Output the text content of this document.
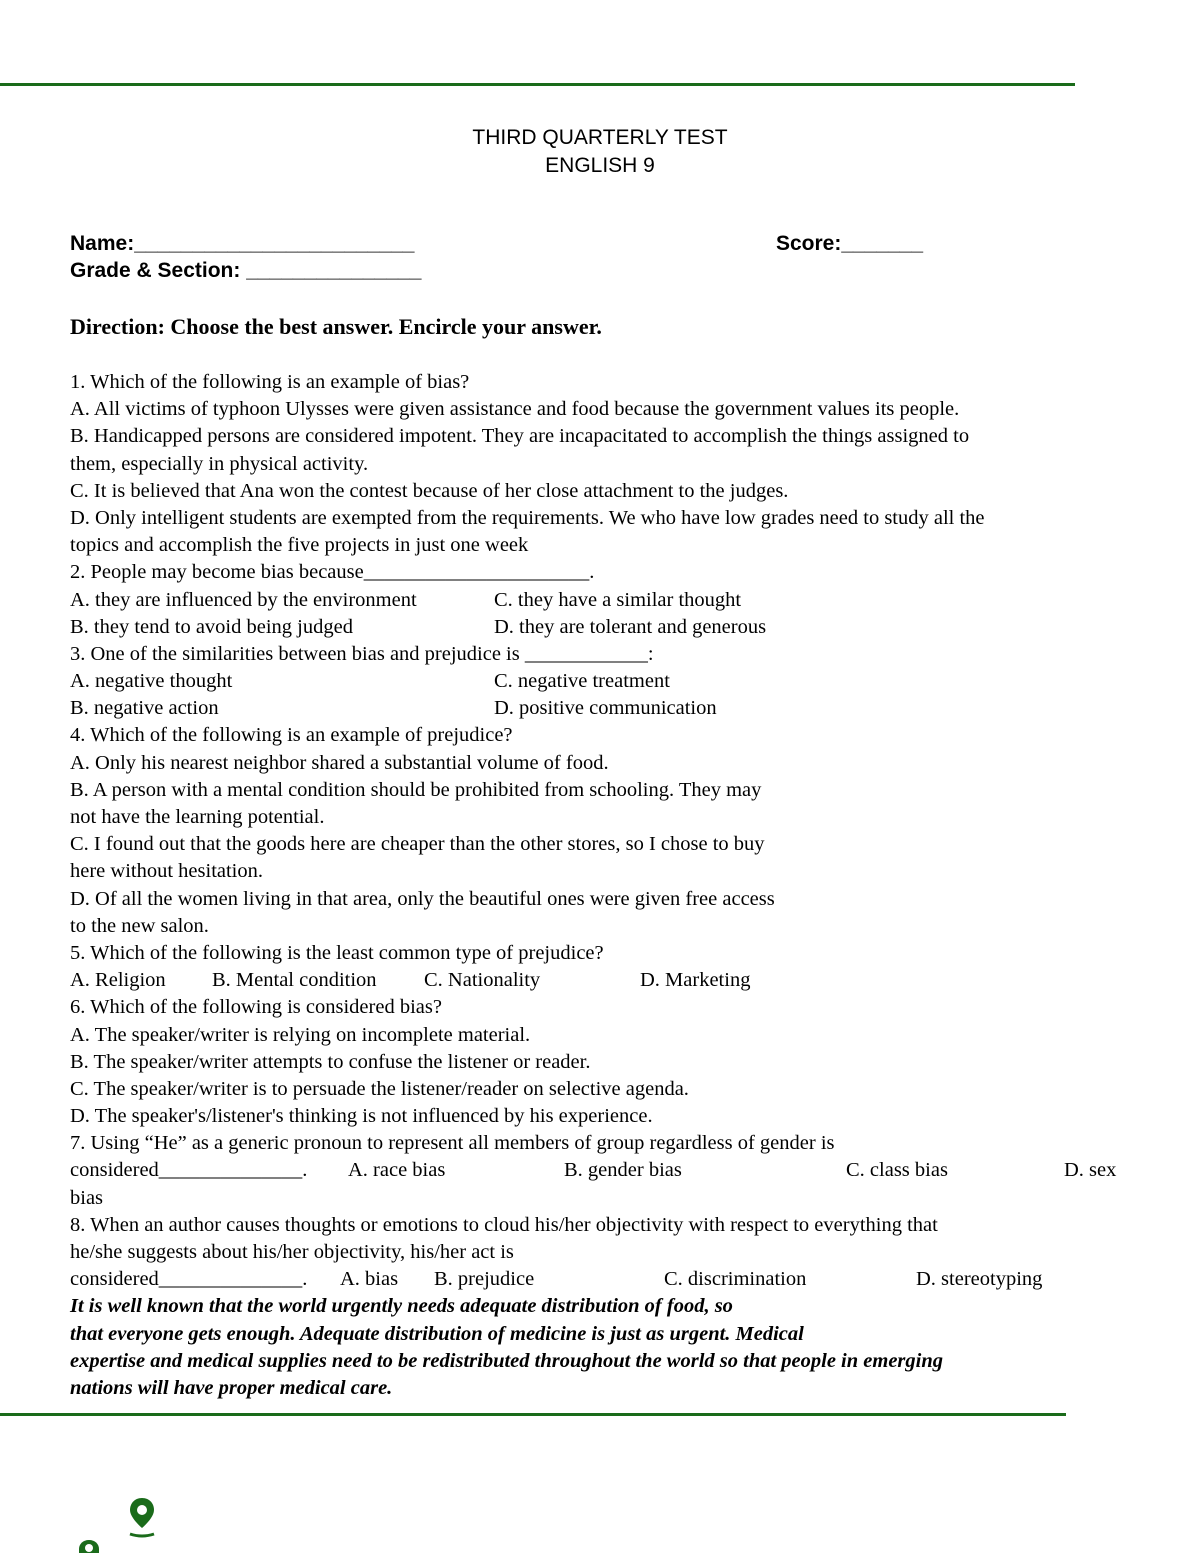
THIRD QUARTERLY TEST
ENGLISH 9
Name:________________________	Score:_______
Grade & Section: _______________
Direction: Choose the best answer. Encircle your answer.
1. Which of the following is an example of bias?
A. All victims of typhoon Ulysses were given assistance and food because the government values its people.
B. Handicapped persons are considered impotent. They are incapacitated to accomplish the things assigned to
them, especially in physical activity.
C. It is believed that Ana won the contest because of her close attachment to the judges.
D. Only intelligent students are exempted from the requirements. We who have low grades need to study all the
topics and accomplish the five projects in just one week
2. People may become bias because______________________.
A. they are influenced by the environment	C. they have a similar thought
B. they tend to avoid being judged	D. they are tolerant and generous
3. One of the similarities between bias and prejudice is ____________:
A. negative thought	C. negative treatment
B. negative action	D. positive communication
4. Which of the following is an example of prejudice?
A. Only his nearest neighbor shared a substantial volume of food.
B. A person with a mental condition should be prohibited from schooling. They may
not have the learning potential.
C. I found out that the goods here are cheaper than the other stores, so I chose to buy
here without hesitation.
D. Of all the women living in that area, only the beautiful ones were given free access
to the new salon.
5. Which of the following is the least common type of prejudice?
A. Religion B. Mental condition C. Nationality	D. Marketing
6. Which of the following is considered bias?
A. The speaker/writer is relying on incomplete material.
B. The speaker/writer attempts to confuse the listener or reader.
C. The speaker/writer is to persuade the listener/reader on selective agenda.
D. The speaker's/listener's thinking is not influenced by his experience.
7. Using “He” as a generic pronoun to represent all members of group regardless of gender is
considered______________. A. race bias	B. gender bias	C. class bias	D. sex
bias
8. When an author causes thoughts or emotions to cloud his/her objectivity with respect to everything that
he/she suggests about his/her objectivity, his/her act is
considered______________. A. bias B. prejudice	C. discrimination	D. stereotyping
It is well known that the world urgently needs adequate distribution of food, so
that everyone gets enough. Adequate distribution of medicine is just as urgent. Medical
expertise and medical supplies need to be redistributed throughout the world so that people in emerging
nations will have proper medical care.
